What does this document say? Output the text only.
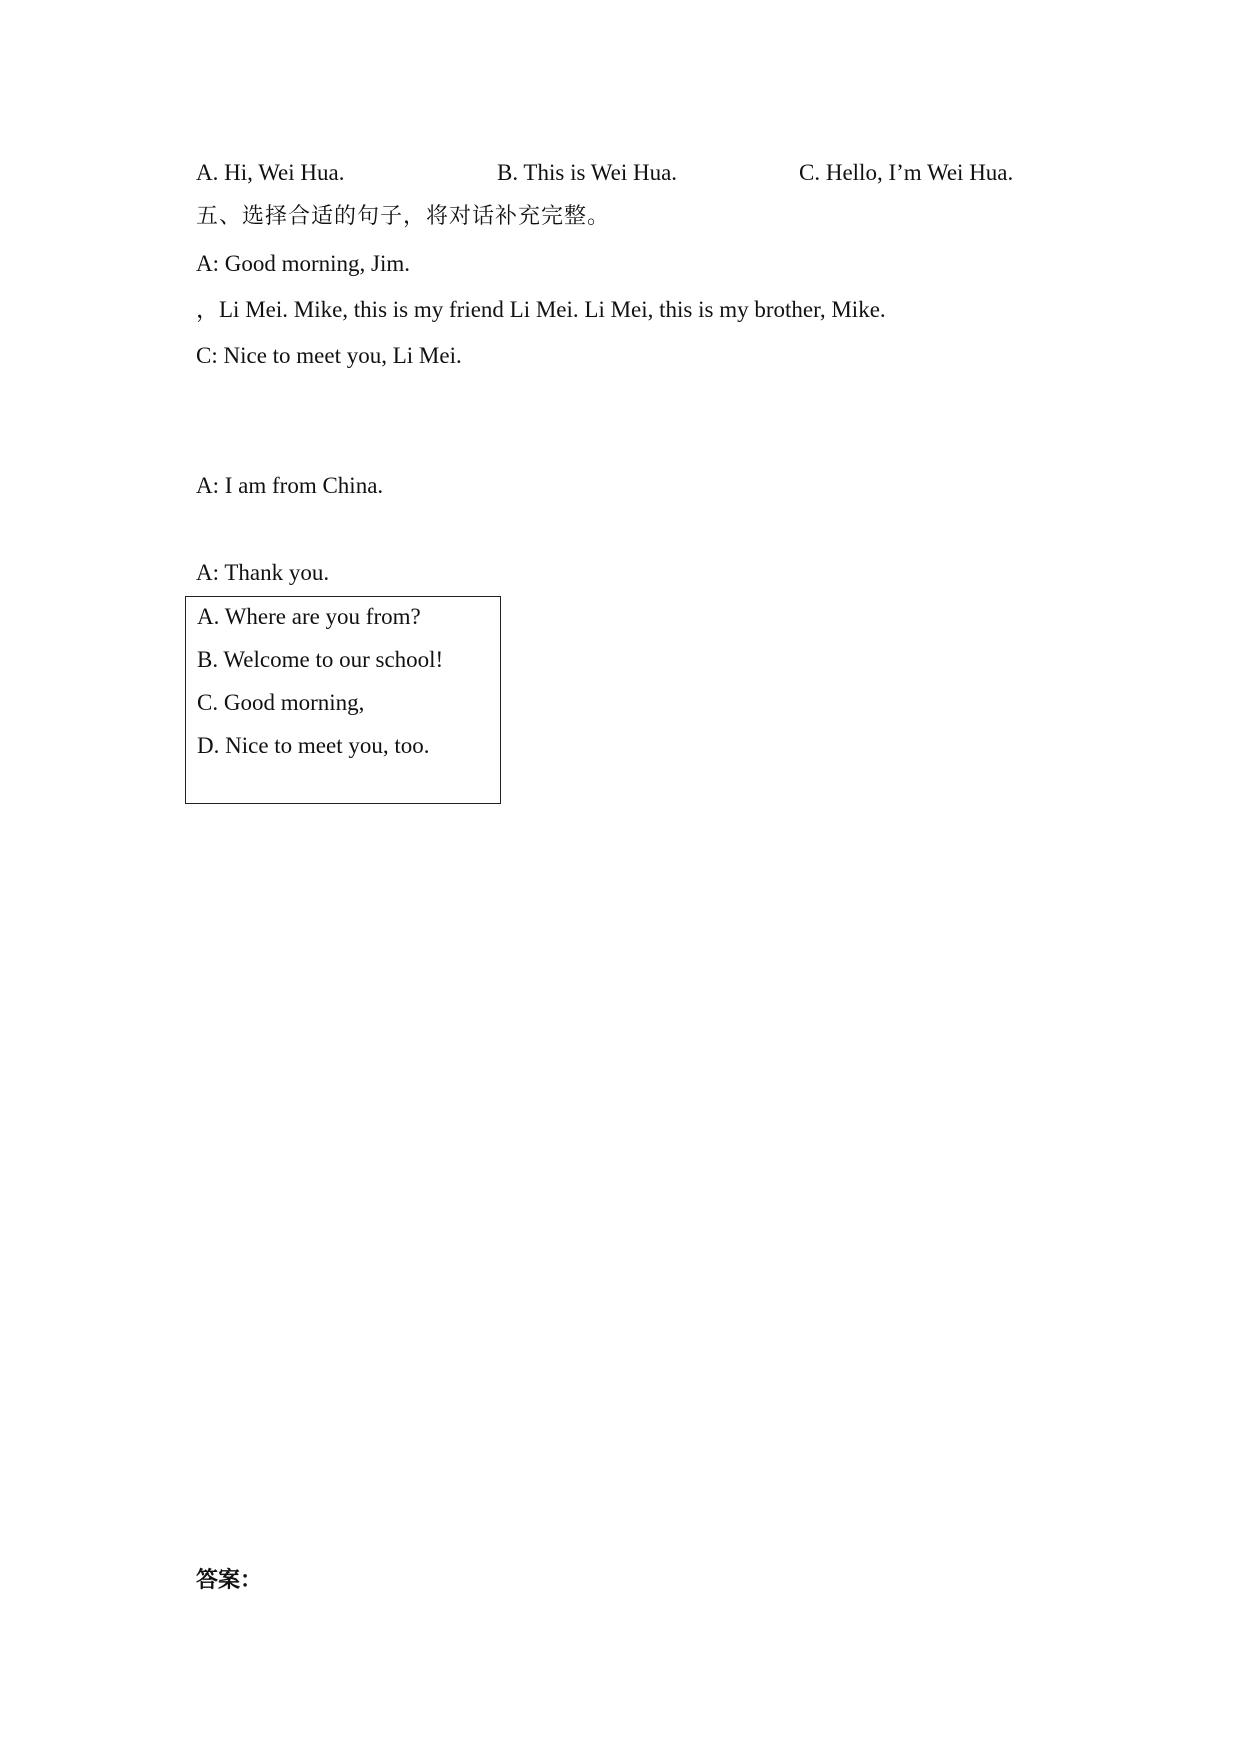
A. Hi, Wei Hua.	B. This is Wei Hua.	C. Hello, I’m Wei Hua.
五、选择合适的句子，将对话补充完整。
A: Good morning, Jim.
，Li Mei. Mike, this is my friend Li Mei. Li Mei, this is my brother, Mike.
C: Nice to meet you, Li Mei.
A: I am from China.
A: Thank you.
A. Where are you from?
B. Welcome to our school!
C. Good morning,
D. Nice to meet you, too.
答案：
